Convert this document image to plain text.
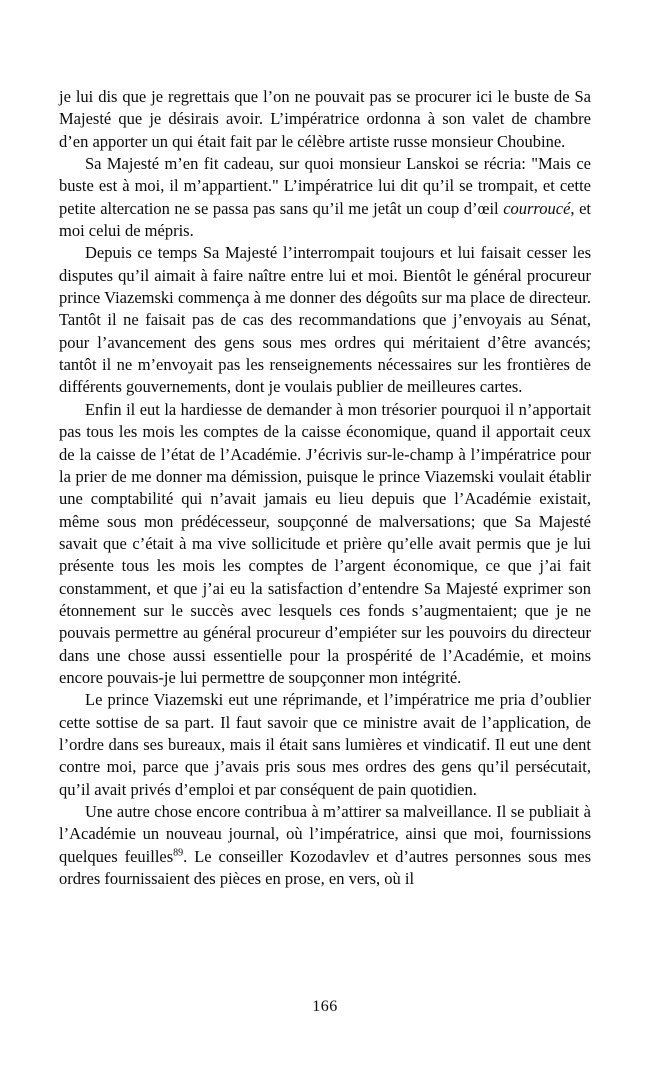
je lui dis que je regrettais que l’on ne pouvait pas se procurer ici le buste de Sa Majesté que je désirais avoir. L’impératrice ordonna à son valet de chambre d’en apporter un qui était fait par le célèbre artiste russe monsieur Choubine.

Sa Majesté m’en fit cadeau, sur quoi monsieur Lanskoi se récria: "Mais ce buste est à moi, il m’appartient." L’impératrice lui dit qu’il se trompait, et cette petite altercation ne se passa pas sans qu’il me jetât un coup d’œil courroucé, et moi celui de mépris.

Depuis ce temps Sa Majesté l’interrompait toujours et lui faisait cesser les disputes qu’il aimait à faire naître entre lui et moi. Bientôt le général procureur prince Viazemski commença à me donner des dégoûts sur ma place de directeur. Tantôt il ne faisait pas de cas des recommandations que j’envoyais au Sénat, pour l’avancement des gens sous mes ordres qui méritaient d’être avancés; tantôt il ne m’envoyait pas les renseignements nécessaires sur les frontières de différents gouvernements, dont je voulais publier de meilleures cartes.

Enfin il eut la hardiesse de demander à mon trésorier pourquoi il n’apportait pas tous les mois les comptes de la caisse économique, quand il apportait ceux de la caisse de l’état de l’Académie. J’écrivis sur-le-champ à l’impératrice pour la prier de me donner ma démission, puisque le prince Viazemski voulait établir une comptabilité qui n’avait jamais eu lieu depuis que l’Académie existait, même sous mon prédécesseur, soupçonné de malversations; que Sa Majesté savait que c’était à ma vive sollicitude et prière qu’elle avait permis que je lui présente tous les mois les comptes de l’argent économique, ce que j’ai fait constamment, et que j’ai eu la satisfaction d’entendre Sa Majesté exprimer son étonnement sur le succès avec lesquels ces fonds s’augmentaient; que je ne pouvais permettre au général procureur d’empiéter sur les pouvoirs du directeur dans une chose aussi essentielle pour la prospérité de l’Académie, et moins encore pouvais-je lui permettre de soupçonner mon intégrité.

Le prince Viazemski eut une réprimande, et l’impératrice me pria d’oublier cette sottise de sa part. Il faut savoir que ce ministre avait de l’application, de l’ordre dans ses bureaux, mais il était sans lumières et vindicatif. Il eut une dent contre moi, parce que j’avais pris sous mes ordres des gens qu’il persécutait, qu’il avait privés d’emploi et par conséquent de pain quotidien.

Une autre chose encore contribua à m’attirer sa malveillance. Il se publiait à l’Académie un nouveau journal, où l’impératrice, ainsi que moi, fournissions quelques feuilles$^{89}$. Le conseiller Kozodavlev et d’autres personnes sous mes ordres fournissaient des pièces en prose, en vers, où il

166
